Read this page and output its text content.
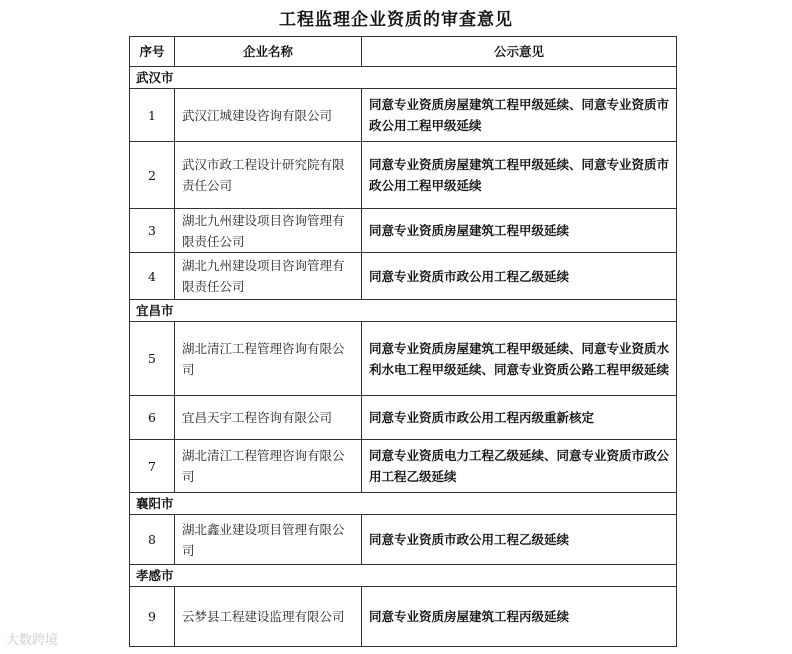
工程监理企业资质的审查意见
序号	企业名称	公示意见
武汉市		
1	武汉江城建设咨询有限公司	同意专业资质房屋建筑工程甲级延续、同意专业资质市政公用工程甲级延续
2	武汉市政工程设计研究院有限责任公司	同意专业资质房屋建筑工程甲级延续、同意专业资质市政公用工程甲级延续
3	湖北九州建设项目咨询管理有限责任公司	同意专业资质房屋建筑工程甲级延续
4	湖北九州建设项目咨询管理有限责任公司	同意专业资质市政公用工程乙级延续
宜昌市		
5	湖北清江工程管理咨询有限公司	同意专业资质房屋建筑工程甲级延续、同意专业资质水利水电工程甲级延续、同意专业资质公路工程甲级延续
6	宜昌天宇工程咨询有限公司	同意专业资质市政公用工程丙级重新核定
7	湖北清江工程管理咨询有限公司	同意专业资质电力工程乙级延续、同意专业资质市政公用工程乙级延续
襄阳市		
8	湖北鑫业建设项目管理有限公司	同意专业资质市政公用工程乙级延续
孝感市		
9	云梦县工程建设监理有限公司	同意专业资质房屋建筑工程丙级延续
大数跨境
